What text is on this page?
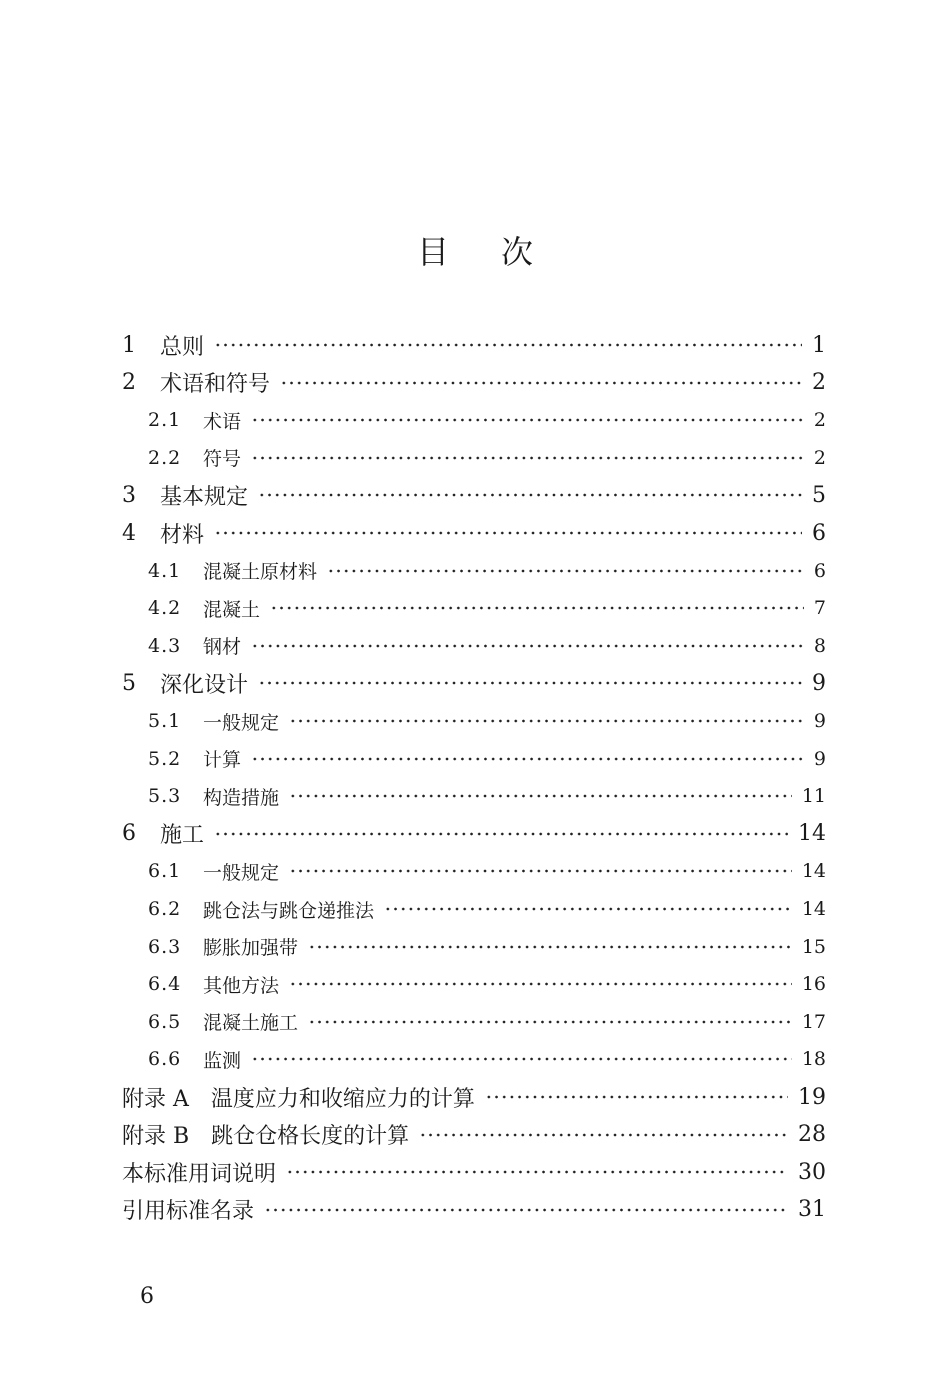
目 次
1	总则	1
2	术语和符号	2
2.1	术语	2
2.2	符号	2
3	基本规定	5
4	材料	6
4.1	混凝土原材料	6
4.2	混凝土	7
4.3	钢材	8
5	深化设计	9
5.1	一般规定	9
5.2	计算	9
5.3	构造措施	11
6	施工	14
6.1	一般规定	14
6.2	跳仓法与跳仓递推法	14
6.3	膨胀加强带	15
6.4	其他方法	16
6.5	混凝土施工	17
6.6	监测	18
附录 A　温度应力和收缩应力的计算	19
附录 B　跳仓仓格长度的计算	28
本标准用词说明	30
引用标准名录	31
6
